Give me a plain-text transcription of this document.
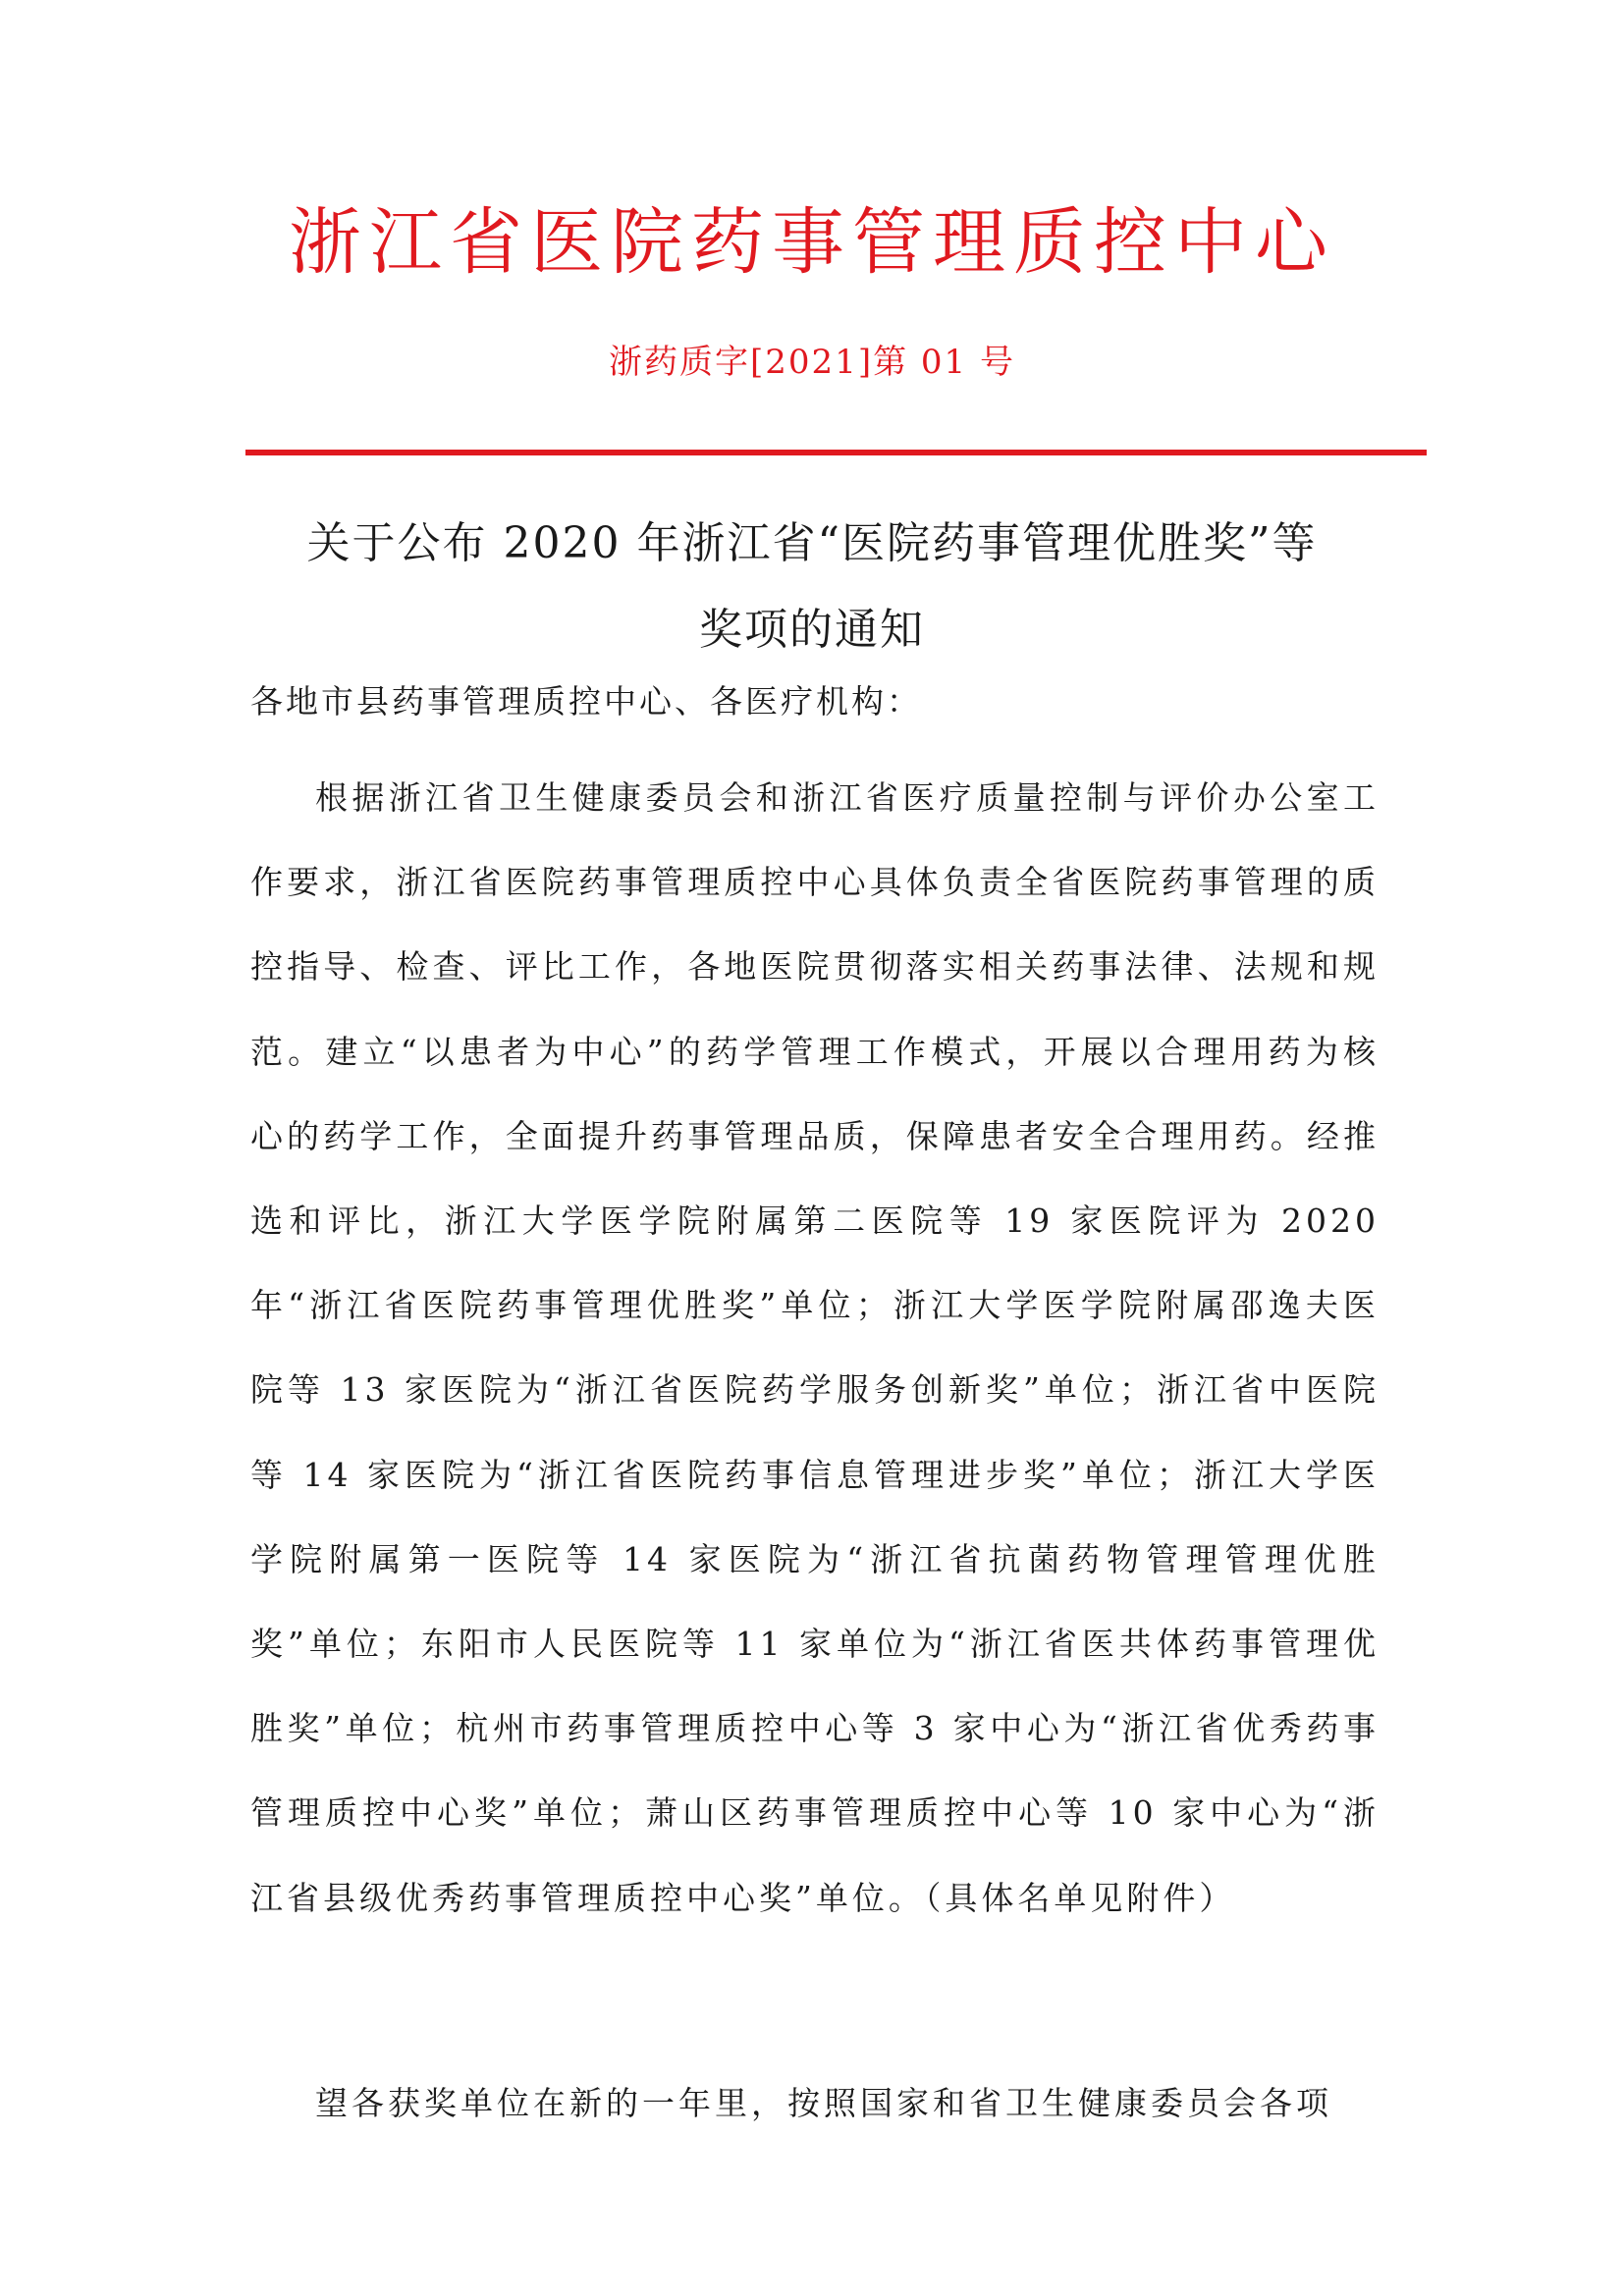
浙江省医院药事管理质控中心
浙药质字[2021]第 01 号
关于公布 2020 年浙江省“医院药事管理优胜奖”等
奖项的通知
各地市县药事管理质控中心、各医疗机构：

根据浙江省卫生健康委员会和浙江省医疗质量控制与评价办公室工作要求，浙江省医院药事管理质控中心具体负责全省医院药事管理的质控指导、检查、评比工作，各地医院贯彻落实相关药事法律、法规和规范。建立“以患者为中心”的药学管理工作模式，开展以合理用药为核心的药学工作，全面提升药事管理品质，保障患者安全合理用药。经推选和评比，浙江大学医学院附属第二医院等 19 家医院评为 2020 年“浙江省医院药事管理优胜奖”单位；浙江大学医学院附属邵逸夫医院等 13 家医院为“浙江省医院药学服务创新奖”单位；浙江省中医院等 14 家医院为“浙江省医院药事信息管理进步奖”单位；浙江大学医学院附属第一医院等 14 家医院为“浙江省抗菌药物管理管理优胜奖”单位；东阳市人民医院等 11 家单位为“浙江省医共体药事管理优胜奖”单位；杭州市药事管理质控中心等 3 家中心为“浙江省优秀药事管理质控中心奖”单位；萧山区药事管理质控中心等 10 家中心为“浙江省县级优秀药事管理质控中心奖”单位。（具体名单见附件）

望各获奖单位在新的一年里，按照国家和省卫生健康委员会各项
